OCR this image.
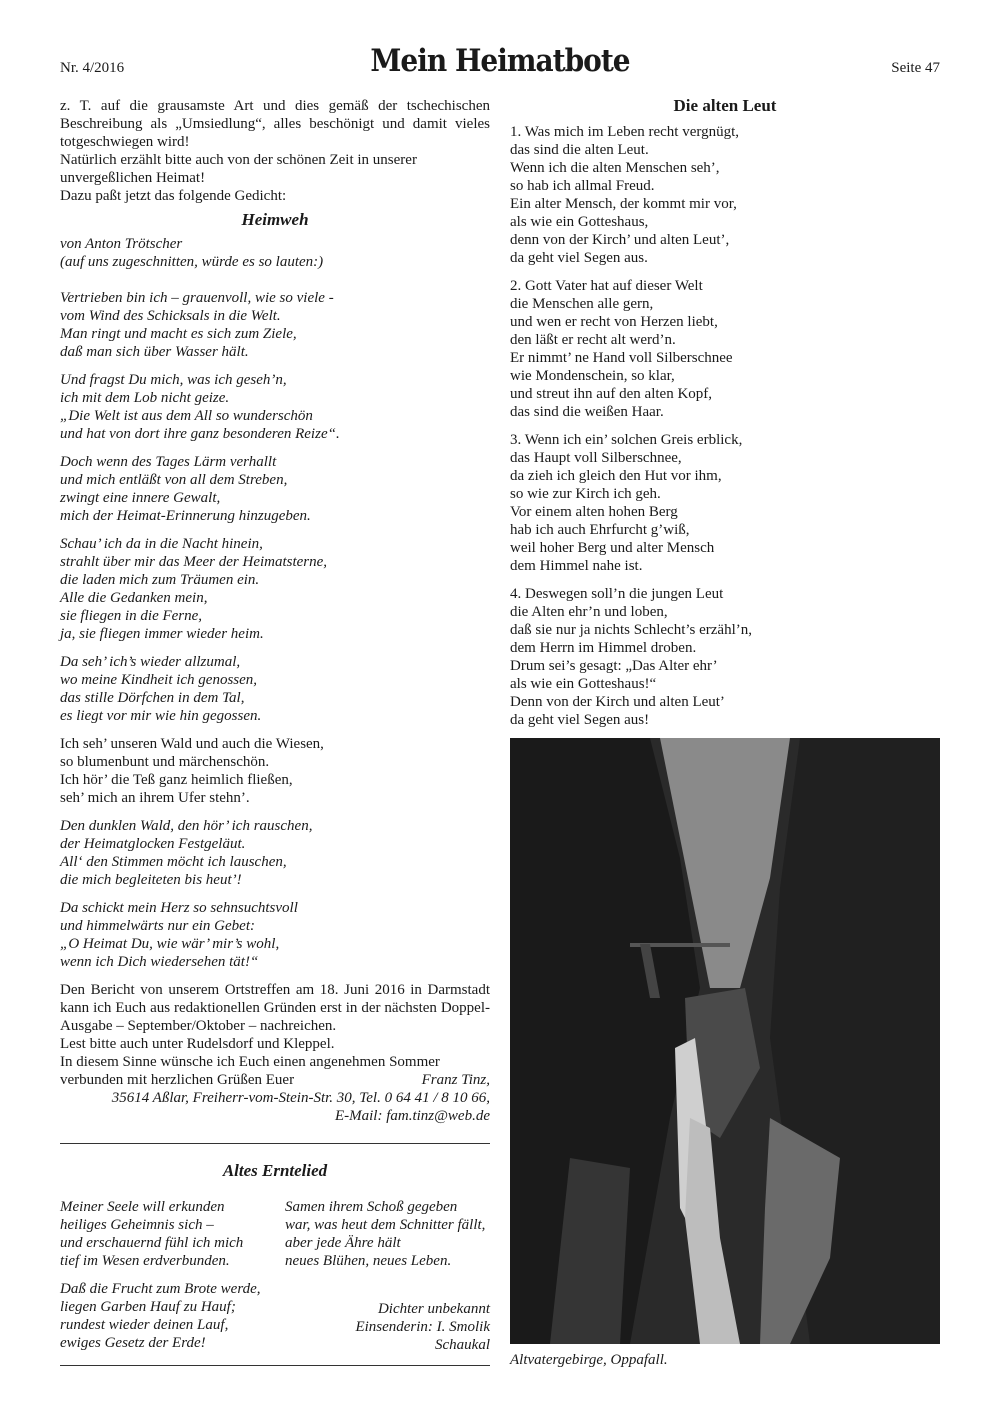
Nr. 4/2016	Mein Heimatbote	Seite 47

z. T. auf die grausamste Art und dies gemäß der tschechischen Beschreibung als „Umsiedlung“, alles beschönigt und damit vieles totgeschwiegen wird!

Natürlich erzählt bitte auch von der schönen Zeit in unserer unvergeßlichen Heimat!

Dazu paßt jetzt das folgende Gedicht:

Heimweh
von Anton Trötscher
(auf uns zugeschnitten, würde es so lauten:)
Vertrieben bin ich – grauenvoll, wie so viele -
vom Wind des Schicksals in die Welt.
Man ringt und macht es sich zum Ziele,
daß man sich über Wasser hält.
Und fragst Du mich, was ich geseh’n,
ich mit dem Lob nicht geize.
„Die Welt ist aus dem All so wunderschön
und hat von dort ihre ganz besonderen Reize“.
Doch wenn des Tages Lärm verhallt
und mich entläßt von all dem Streben,
zwingt eine innere Gewalt,
mich der Heimat-Erinnerung hinzugeben.
Schau’ ich da in die Nacht hinein,
strahlt über mir das Meer der Heimatsterne,
die laden mich zum Träumen ein.
Alle die Gedanken mein,
sie fliegen in die Ferne,
ja, sie fliegen immer wieder heim.
Da seh’ ich’s wieder allzumal,
wo meine Kindheit ich genossen,
das stille Dörfchen in dem Tal,
es liegt vor mir wie hin gegossen.
Ich seh’ unseren Wald und auch die Wiesen,
so blumenbunt und märchenschön.
Ich hör’ die Teß ganz heimlich fließen,
seh’ mich an ihrem Ufer stehn’.
Den dunklen Wald, den hör’ ich rauschen,
der Heimatglocken Festgeläut.
All‘ den Stimmen möcht ich lauschen,
die mich begleiteten bis heut’!
Da schickt mein Herz so sehnsuchtsvoll
und himmelwärts nur ein Gebet:
„O Heimat Du, wie wär’ mir’s wohl,
wenn ich Dich wiedersehen tät!“

Den Bericht von unserem Ortstreffen am 18. Juni 2016 in Darmstadt kann ich Euch aus redaktionellen Gründen erst in der nächsten Doppel-Ausgabe – September/Oktober – nachreichen.

Lest bitte auch unter Rudelsdorf und Kleppel.

In diesem Sinne wünsche ich Euch einen angenehmen Sommer

verbunden mit herzlichen Grüßen Euer	Franz Tinz,
35614 Aßlar, Freiherr-vom-Stein-Str. 30, Tel. 0 64 41 / 8 10 66,
E-Mail: fam.tinz@web.de
Altes Erntelied
Meiner Seele will erkunden
heiliges Geheimnis sich –
und erschauernd fühl ich mich
tief im Wesen erdverbunden.
Daß die Frucht zum Brote werde,
liegen Garben Hauf zu Hauf;
rundest wieder deinen Lauf,
ewiges Gesetz der Erde!
Samen ihrem Schoß gegeben
war, was heut dem Schnitter fällt,
aber jede Ähre hält
neues Blühen, neues Leben.
Dichter unbekannt
Einsenderin: I. Smolik
Schaukal
Die alten Leut
1. Was mich im Leben recht vergnügt,
das sind die alten Leut.
Wenn ich die alten Menschen seh’,
so hab ich allmal Freud.
Ein alter Mensch, der kommt mir vor,
als wie ein Gotteshaus,
denn von der Kirch’ und alten Leut’,
da geht viel Segen aus.
2. Gott Vater hat auf dieser Welt
die Menschen alle gern,
und wen er recht von Herzen liebt,
den läßt er recht alt werd’n.
Er nimmt’ ne Hand voll Silberschnee
wie Mondenschein, so klar,
und streut ihn auf den alten Kopf,
das sind die weißen Haar.
3. Wenn ich ein’ solchen Greis erblick,
das Haupt voll Silberschnee,
da zieh ich gleich den Hut vor ihm,
so wie zur Kirch ich geh.
Vor einem alten hohen Berg
hab ich auch Ehrfurcht g’wiß,
weil hoher Berg und alter Mensch
dem Himmel nahe ist.
4. Deswegen soll’n die jungen Leut
die Alten ehr’n und loben,
daß sie nur ja nichts Schlecht’s erzähl’n,
dem Herrn im Himmel droben.
Drum sei’s gesagt: „Das Alter ehr’
als wie ein Gotteshaus!“
Denn von der Kirch und alten Leut’
da geht viel Segen aus!
Altvatergebirge, Oppafall.
